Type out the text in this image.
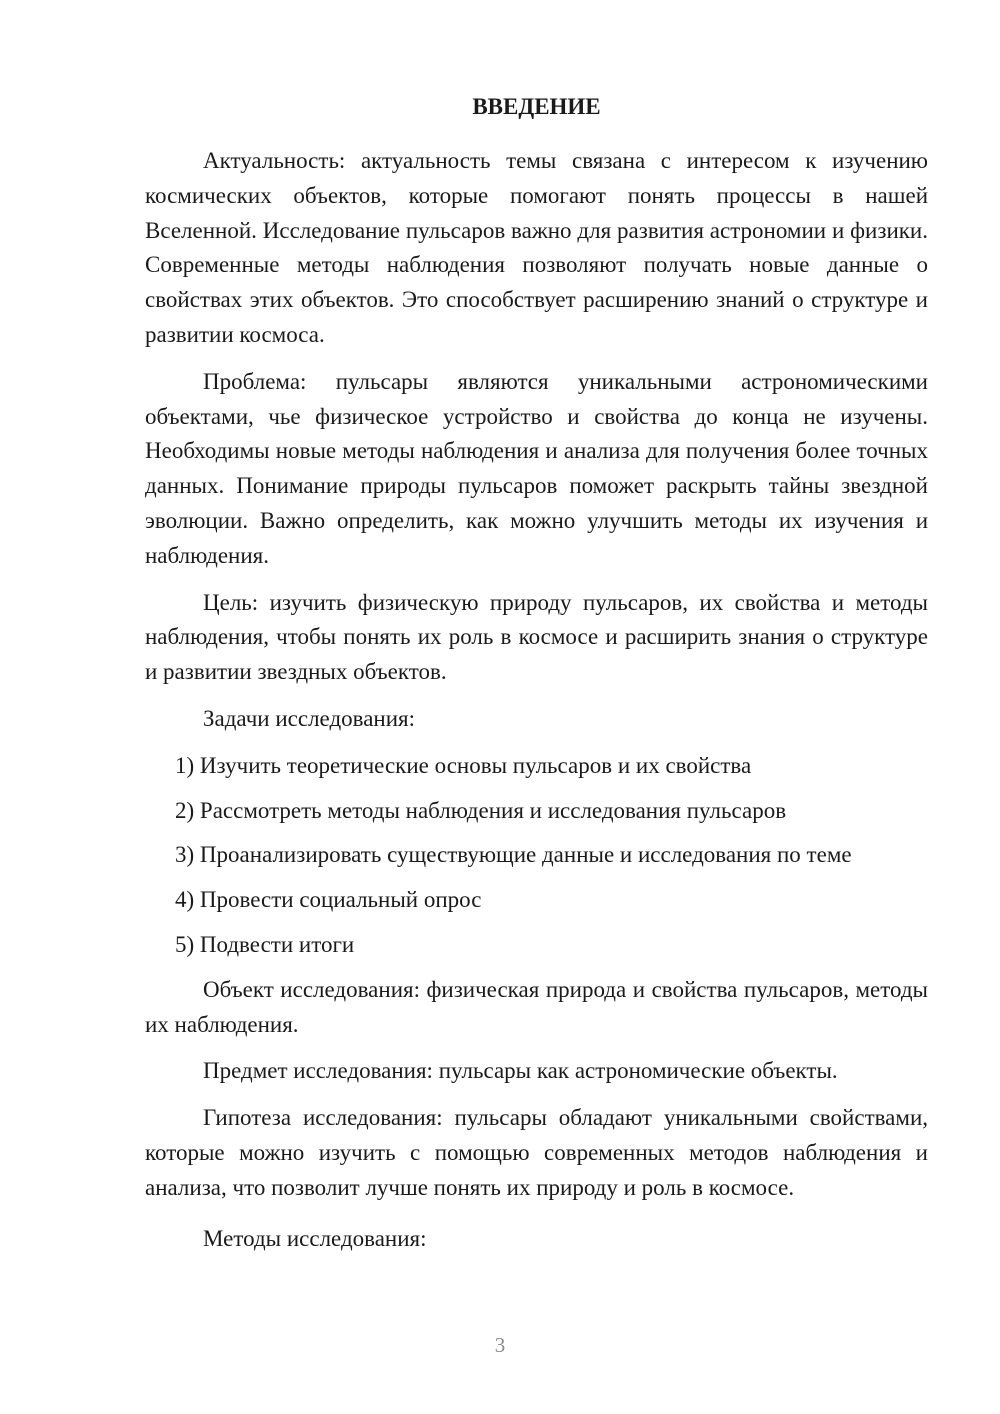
ВВЕДЕНИЕ

Актуальность: актуальность темы связана с интересом к изучению космических объектов, которые помогают понять процессы в нашей Вселенной. Исследование пульсаров важно для развития астрономии и физики. Современные методы наблюдения позволяют получать новые данные о свойствах этих объектов. Это способствует расширению знаний о структуре и развитии космоса.

Проблема: пульсары являются уникальными астрономическими объектами, чье физическое устройство и свойства до конца не изучены. Необходимы новые методы наблюдения и анализа для получения более точных данных. Понимание природы пульсаров поможет раскрыть тайны звездной эволюции. Важно определить, как можно улучшить методы их изучения и наблюдения.

Цель: изучить физическую природу пульсаров, их свойства и методы наблюдения, чтобы понять их роль в космосе и расширить знания о структуре и развитии звездных объектов.

Задачи исследования:

1) Изучить теоретические основы пульсаров и их свойства
2) Рассмотреть методы наблюдения и исследования пульсаров
3) Проанализировать существующие данные и исследования по теме
4) Провести социальный опрос
5) Подвести итоги

Объект исследования: физическая природа и свойства пульсаров, методы их наблюдения.

Предмет исследования: пульсары как астрономические объекты.

Гипотеза исследования: пульсары обладают уникальными свойствами, которые можно изучить с помощью современных методов наблюдения и анализа, что позволит лучше понять их природу и роль в космосе.

Методы исследования:

3
